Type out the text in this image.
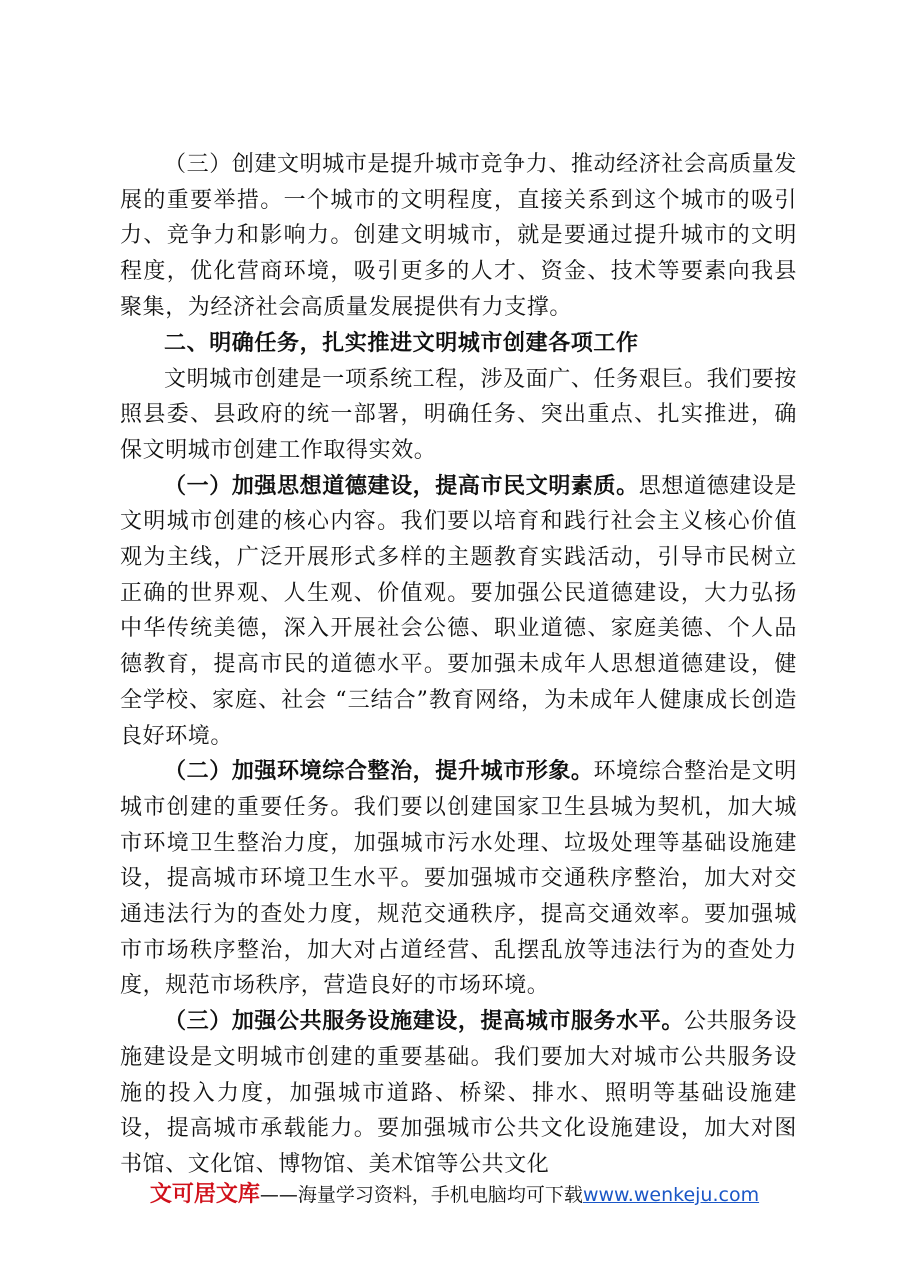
（三）创建文明城市是提升城市竞争力、推动经济社会高质量发展的重要举措。一个城市的文明程度，直接关系到这个城市的吸引力、竞争力和影响力。创建文明城市，就是要通过提升城市的文明程度，优化营商环境，吸引更多的人才、资金、技术等要素向我县聚集，为经济社会高质量发展提供有力支撑。

二、明确任务，扎实推进文明城市创建各项工作

文明城市创建是一项系统工程，涉及面广、任务艰巨。我们要按照县委、县政府的统一部署，明确任务、突出重点、扎实推进，确保文明城市创建工作取得实效。

（一）加强思想道德建设，提高市民文明素质。思想道德建设是文明城市创建的核心内容。我们要以培育和践行社会主义核心价值观为主线，广泛开展形式多样的主题教育实践活动，引导市民树立正确的世界观、人生观、价值观。要加强公民道德建设，大力弘扬中华传统美德，深入开展社会公德、职业道德、家庭美德、个人品德教育，提高市民的道德水平。要加强未成年人思想道德建设，健全学校、家庭、社会 “三结合”教育网络，为未成年人健康成长创造良好环境。

（二）加强环境综合整治，提升城市形象。环境综合整治是文明城市创建的重要任务。我们要以创建国家卫生县城为契机，加大城市环境卫生整治力度，加强城市污水处理、垃圾处理等基础设施建设，提高城市环境卫生水平。要加强城市交通秩序整治，加大对交通违法行为的查处力度，规范交通秩序，提高交通效率。要加强城市市场秩序整治，加大对占道经营、乱摆乱放等违法行为的查处力度，规范市场秩序，营造良好的市场环境。

（三）加强公共服务设施建设，提高城市服务水平。公共服务设施建设是文明城市创建的重要基础。我们要加大对城市公共服务设施的投入力度，加强城市道路、桥梁、排水、照明等基础设施建设，提高城市承载能力。要加强城市公共文化设施建设，加大对图书馆、文化馆、博物馆、美术馆等公共文化

文可居文库——海量学习资料，手机电脑均可下载www.wenkeju.com
